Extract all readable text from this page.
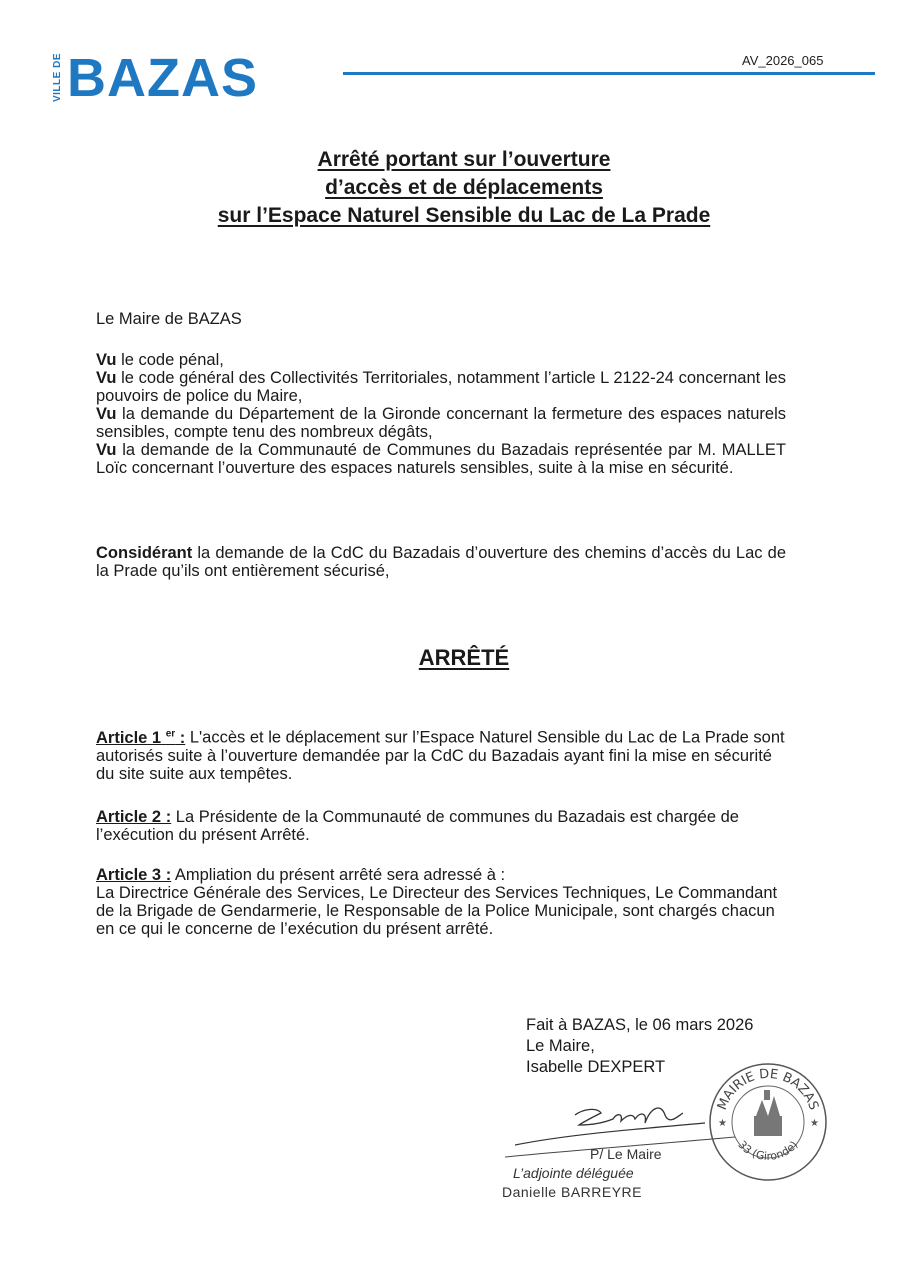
VILLE DE BAZAS	AV_2026_065
Arrêté portant sur l’ouverture
d’accès et de déplacements
sur l’Espace Naturel Sensible du Lac de La Prade
Le Maire de BAZAS

Vu le code pénal,

Vu le code général des Collectivités Territoriales, notamment l’article L 2122-24 concernant les pouvoirs de police du Maire,

Vu la demande du Département de la Gironde concernant la fermeture des espaces naturels sensibles, compte tenu des nombreux dégâts,

Vu la demande de la Communauté de Communes du Bazadais représentée par M. MALLET Loïc concernant l’ouverture des espaces naturels sensibles, suite à la mise en sécurité.

Considérant la demande de la CdC du Bazadais d’ouverture des chemins d’accès du Lac de la Prade qu’ils ont entièrement sécurisé,

ARRÊTÉ
Article 1 $^{er}$ : L'accès et le déplacement sur l’Espace Naturel Sensible du Lac de La Prade sont autorisés suite à l’ouverture demandée par la CdC du Bazadais ayant fini la mise en sécurité du site suite aux tempêtes.
Article 2 : La Présidente de la Communauté de communes du Bazadais est chargée de l’exécution du présent Arrêté.
Article 3 : Ampliation du présent arrêté sera adressé à :
La Directrice Générale des Services, Le Directeur des Services Techniques, Le Commandant de la Brigade de Gendarmerie, le Responsable de la Police Municipale, sont chargés chacun en ce qui le concerne de l’exécution du présent arrêté.
Fait à BAZAS, le 06 mars 2026
Le Maire,
Isabelle DEXPERT
P/ Le Maire
L’adjointe déléguée
Danielle BARREYRE
MAIRIE DE BAZAS
33 (Gironde)
★	★
